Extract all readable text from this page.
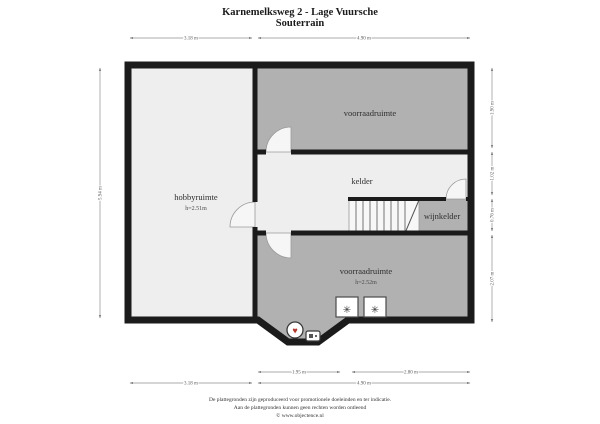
✳ ✳
♥
3.18 m	4.90 m
5.94 m
1.90 m
1.02 m
0.76 m
2.07 m
1.95 m	2.80 m
3.18 m	4.90 m
voorraadruimte
kelder
wijnkelder
hobbyruimte
h=2.51m
voorraadruimte
h=2.52m
Karnemelksweg 2 - Lage Vuursche
Souterrain
De plattegronden zijn geproduceerd voor promotionele doeleinden en ter indicatie.
Aan de plattegronden kunnen geen rechten worden ontleend
© www.objectence.nl
